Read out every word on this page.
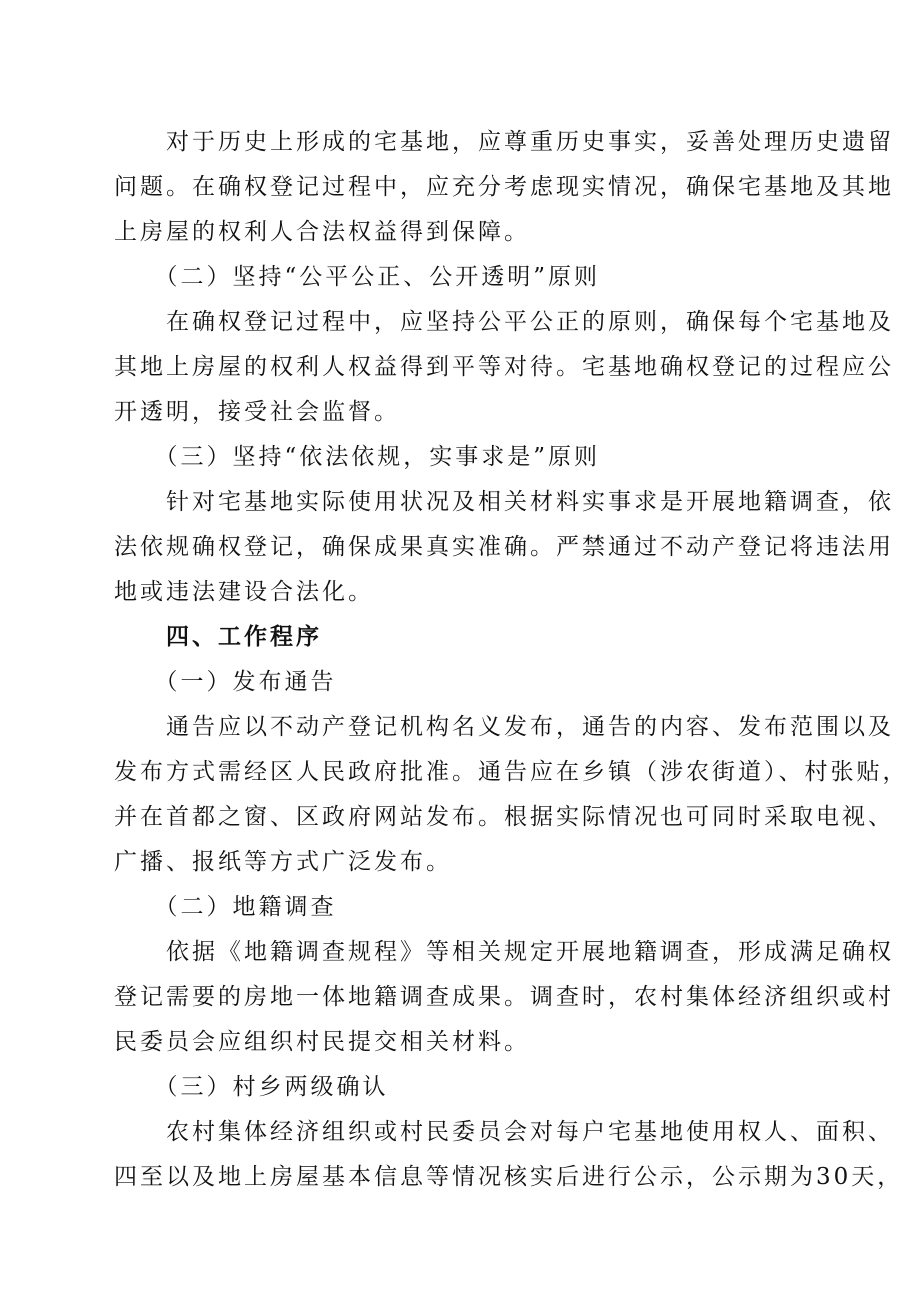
　　对于历史上形成的宅基地，应尊重历史事实，妥善处理历史遗留
问题。在确权登记过程中，应充分考虑现实情况，确保宅基地及其地
上房屋的权利人合法权益得到保障。
　　（二）坚持“公平公正、公开透明”原则
　　在确权登记过程中，应坚持公平公正的原则，确保每个宅基地及
其地上房屋的权利人权益得到平等对待。宅基地确权登记的过程应公
开透明，接受社会监督。
　　（三）坚持“依法依规，实事求是”原则
　　针对宅基地实际使用状况及相关材料实事求是开展地籍调查，依
法依规确权登记，确保成果真实准确。严禁通过不动产登记将违法用
地或违法建设合法化。
　　四、工作程序
　　（一）发布通告
　　通告应以不动产登记机构名义发布，通告的内容、发布范围以及
发布方式需经区人民政府批准。通告应在乡镇（涉农街道）、村张贴，
并在首都之窗、区政府网站发布。根据实际情况也可同时采取电视、
广播、报纸等方式广泛发布。
　　（二）地籍调查
　　依据《地籍调查规程》等相关规定开展地籍调查，形成满足确权
登记需要的房地一体地籍调查成果。调查时，农村集体经济组织或村
民委员会应组织村民提交相关材料。
　　（三）村乡两级确认
　　农村集体经济组织或村民委员会对每户宅基地使用权人、面积、
四至以及地上房屋基本信息等情况核实后进行公示，公示期为30天，
